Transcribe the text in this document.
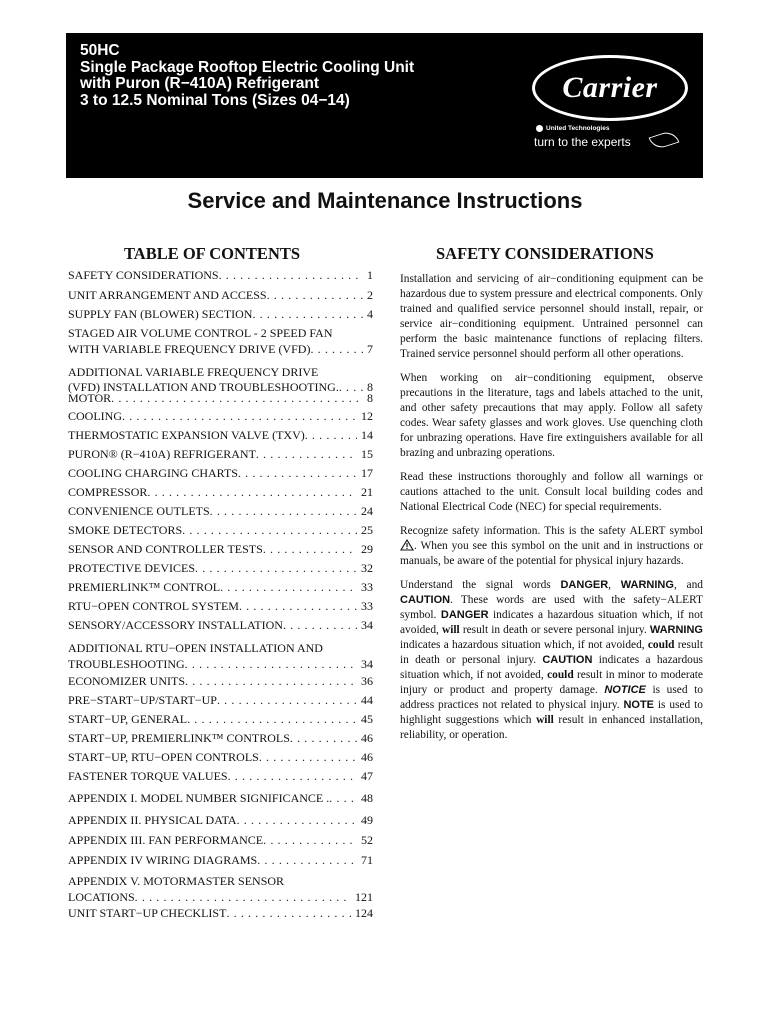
50HC
Single Package Rooftop Electric Cooling Unit
with Puron (R−410A) Refrigerant
3 to 12.5 Nominal Tons (Sizes 04−14)	Carrier
United Technologies
turn to the experts
Service and Maintenance Instructions
TABLE OF CONTENTS	SAFETY CONSIDERATIONS
SAFETY CONSIDERATIONS . . .	1
UNIT ARRANGEMENT AND ACCESS . . .	2
SUPPLY FAN (BLOWER) SECTION . . .	4
STAGED AIR VOLUME CONTROL - 2 SPEED FAN
WITH VARIABLE FREQUENCY DRIVE (VFD) . . .	7
ADDITIONAL VARIABLE FREQUENCY DRIVE
(VFD) INSTALLATION AND TROUBLESHOOTING. . . .	8
MOTOR . . .	8
COOLING . . .	12
THERMOSTATIC EXPANSION VALVE (TXV) . . .	14
PURON® (R−410A) REFRIGERANT . . .	15
COOLING CHARGING CHARTS . . .	17
COMPRESSOR . . .	21
CONVENIENCE OUTLETS . . .	24
SMOKE DETECTORS . . .	25
SENSOR AND CONTROLLER TESTS . . .	29
PROTECTIVE DEVICES . . .	32
PREMIERLINK™ CONTROL . . .	33
RTU−OPEN CONTROL SYSTEM . . .	33
SENSORY/ACCESSORY INSTALLATION . . .	34
ADDITIONAL RTU−OPEN INSTALLATION AND
TROUBLESHOOTING . . .	34
ECONOMIZER UNITS . . .	36
PRE−START−UP/START−UP . . .	44
START−UP, GENERAL . . .	45
START−UP, PREMIERLINK™ CONTROLS . . .	46
START−UP, RTU−OPEN CONTROLS . . .	46
FASTENER TORQUE VALUES . . .	47
APPENDIX I. MODEL NUMBER SIGNIFICANCE . . . .	48
APPENDIX II. PHYSICAL DATA . . .	49
APPENDIX III. FAN PERFORMANCE . . .	52
APPENDIX IV WIRING DIAGRAMS . . .	71
APPENDIX V. MOTORMASTER SENSOR
LOCATIONS . . .	121
UNIT START−UP CHECKLIST . . .	124

Installation and servicing of air−conditioning equipment can be hazardous due to system pressure and electrical components. Only trained and qualified service personnel should install, repair, or service air−conditioning equipment. Untrained personnel can perform the basic maintenance functions of replacing filters. Trained service personnel should perform all other operations.

When working on air−conditioning equipment, observe precautions in the literature, tags and labels attached to the unit, and other safety precautions that may apply. Follow all safety codes. Wear safety glasses and work gloves. Use quenching cloth for unbrazing operations. Have fire extinguishers available for all brazing and unbrazing operations.

Read these instructions thoroughly and follow all warnings or cautions attached to the unit. Consult local building codes and National Electrical Code (NEC) for special requirements.

Recognize safety information. This is the safety ALERT symbol . When you see this symbol on the unit and in instructions or manuals, be aware of the potential for physical injury hazards.

Understand the signal words DANGER, WARNING, and CAUTION. These words are used with the safety−ALERT symbol. DANGER indicates a hazardous situation which, if not avoided, will result in death or severe personal injury. WARNING indicates a hazardous situation which, if not avoided, could result in death or personal injury. CAUTION indicates a hazardous situation which, if not avoided, could result in minor to moderate injury or product and property damage. NOTICE is used to address practices not related to physical injury. NOTE is used to highlight suggestions which will result in enhanced installation, reliability, or operation.
